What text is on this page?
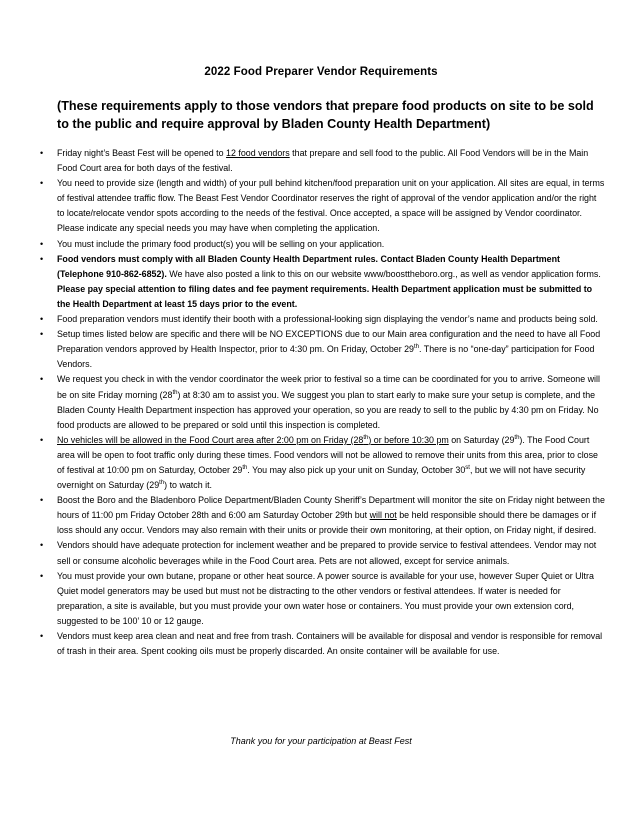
2022 Food Preparer Vendor Requirements
(These requirements apply to those vendors that prepare food products on site to be sold to the public and require approval by Bladen County Health Department)
• Friday night’s Beast Fest will be opened to 12 food vendors that prepare and sell food to the public. All Food Vendors will be in the Main Food Court area for both days of the festival.
• You need to provide size (length and width) of your pull behind kitchen/food preparation unit on your application. All sites are equal, in terms of festival attendee traffic flow. The Beast Fest Vendor Coordinator reserves the right of approval of the vendor application and/or the right to locate/relocate vendor spots according to the needs of the festival. Once accepted, a space will be assigned by Vendor coordinator. Please indicate any special needs you may have when completing the application.
• You must include the primary food product(s) you will be selling on your application.
• Food vendors must comply with all Bladen County Health Department rules. Contact Bladen County Health Department (Telephone 910-862-6852). We have also posted a link to this on our website www/boosttheboro.org., as well as vendor application forms. Please pay special attention to filing dates and fee payment requirements. Health Department application must be submitted to the Health Department at least 15 days prior to the event.
• Food preparation vendors must identify their booth with a professional-looking sign displaying the vendor’s name and products being sold.
• Setup times listed below are specific and there will be NO EXCEPTIONS due to our Main area configuration and the need to have all Food Preparation vendors approved by Health Inspector, prior to 4:30 pm. On Friday, October 29th. There is no “one-day” participation for Food Vendors.
• We request you check in with the vendor coordinator the week prior to festival so a time can be coordinated for you to arrive. Someone will be on site Friday morning (28th) at 8:30 am to assist you. We suggest you plan to start early to make sure your setup is complete, and the Bladen County Health Department inspection has approved your operation, so you are ready to sell to the public by 4:30 pm on Friday. No food products are allowed to be prepared or sold until this inspection is completed.
• No vehicles will be allowed in the Food Court area after 2:00 pm on Friday (28th) or before 10:30 pm on Saturday (29th). The Food Court area will be open to foot traffic only during these times. Food vendors will not be allowed to remove their units from this area, prior to close of festival at 10:00 pm on Saturday, October 29th. You may also pick up your unit on Sunday, October 30st, but we will not have security overnight on Saturday (29th) to watch it.
• Boost the Boro and the Bladenboro Police Department/Bladen County Sheriff’s Department will monitor the site on Friday night between the hours of 11:00 pm Friday October 28th and 6:00 am Saturday October 29th but will not be held responsible should there be damages or if loss should any occur. Vendors may also remain with their units or provide their own monitoring, at their option, on Friday night, if desired.
• Vendors should have adequate protection for inclement weather and be prepared to provide service to festival attendees. Vendor may not sell or consume alcoholic beverages while in the Food Court area. Pets are not allowed, except for service animals.
• You must provide your own butane, propane or other heat source. A power source is available for your use, however Super Quiet or Ultra Quiet model generators may be used but must not be distracting to the other vendors or festival attendees. If water is needed for preparation, a site is available, but you must provide your own water hose or containers. You must provide your own extension cord, suggested to be 100’ 10 or 12 gauge.
• Vendors must keep area clean and neat and free from trash. Containers will be available for disposal and vendor is responsible for removal of trash in their area. Spent cooking oils must be properly discarded. An onsite container will be available for use.
Thank you for your participation at Beast Fest
